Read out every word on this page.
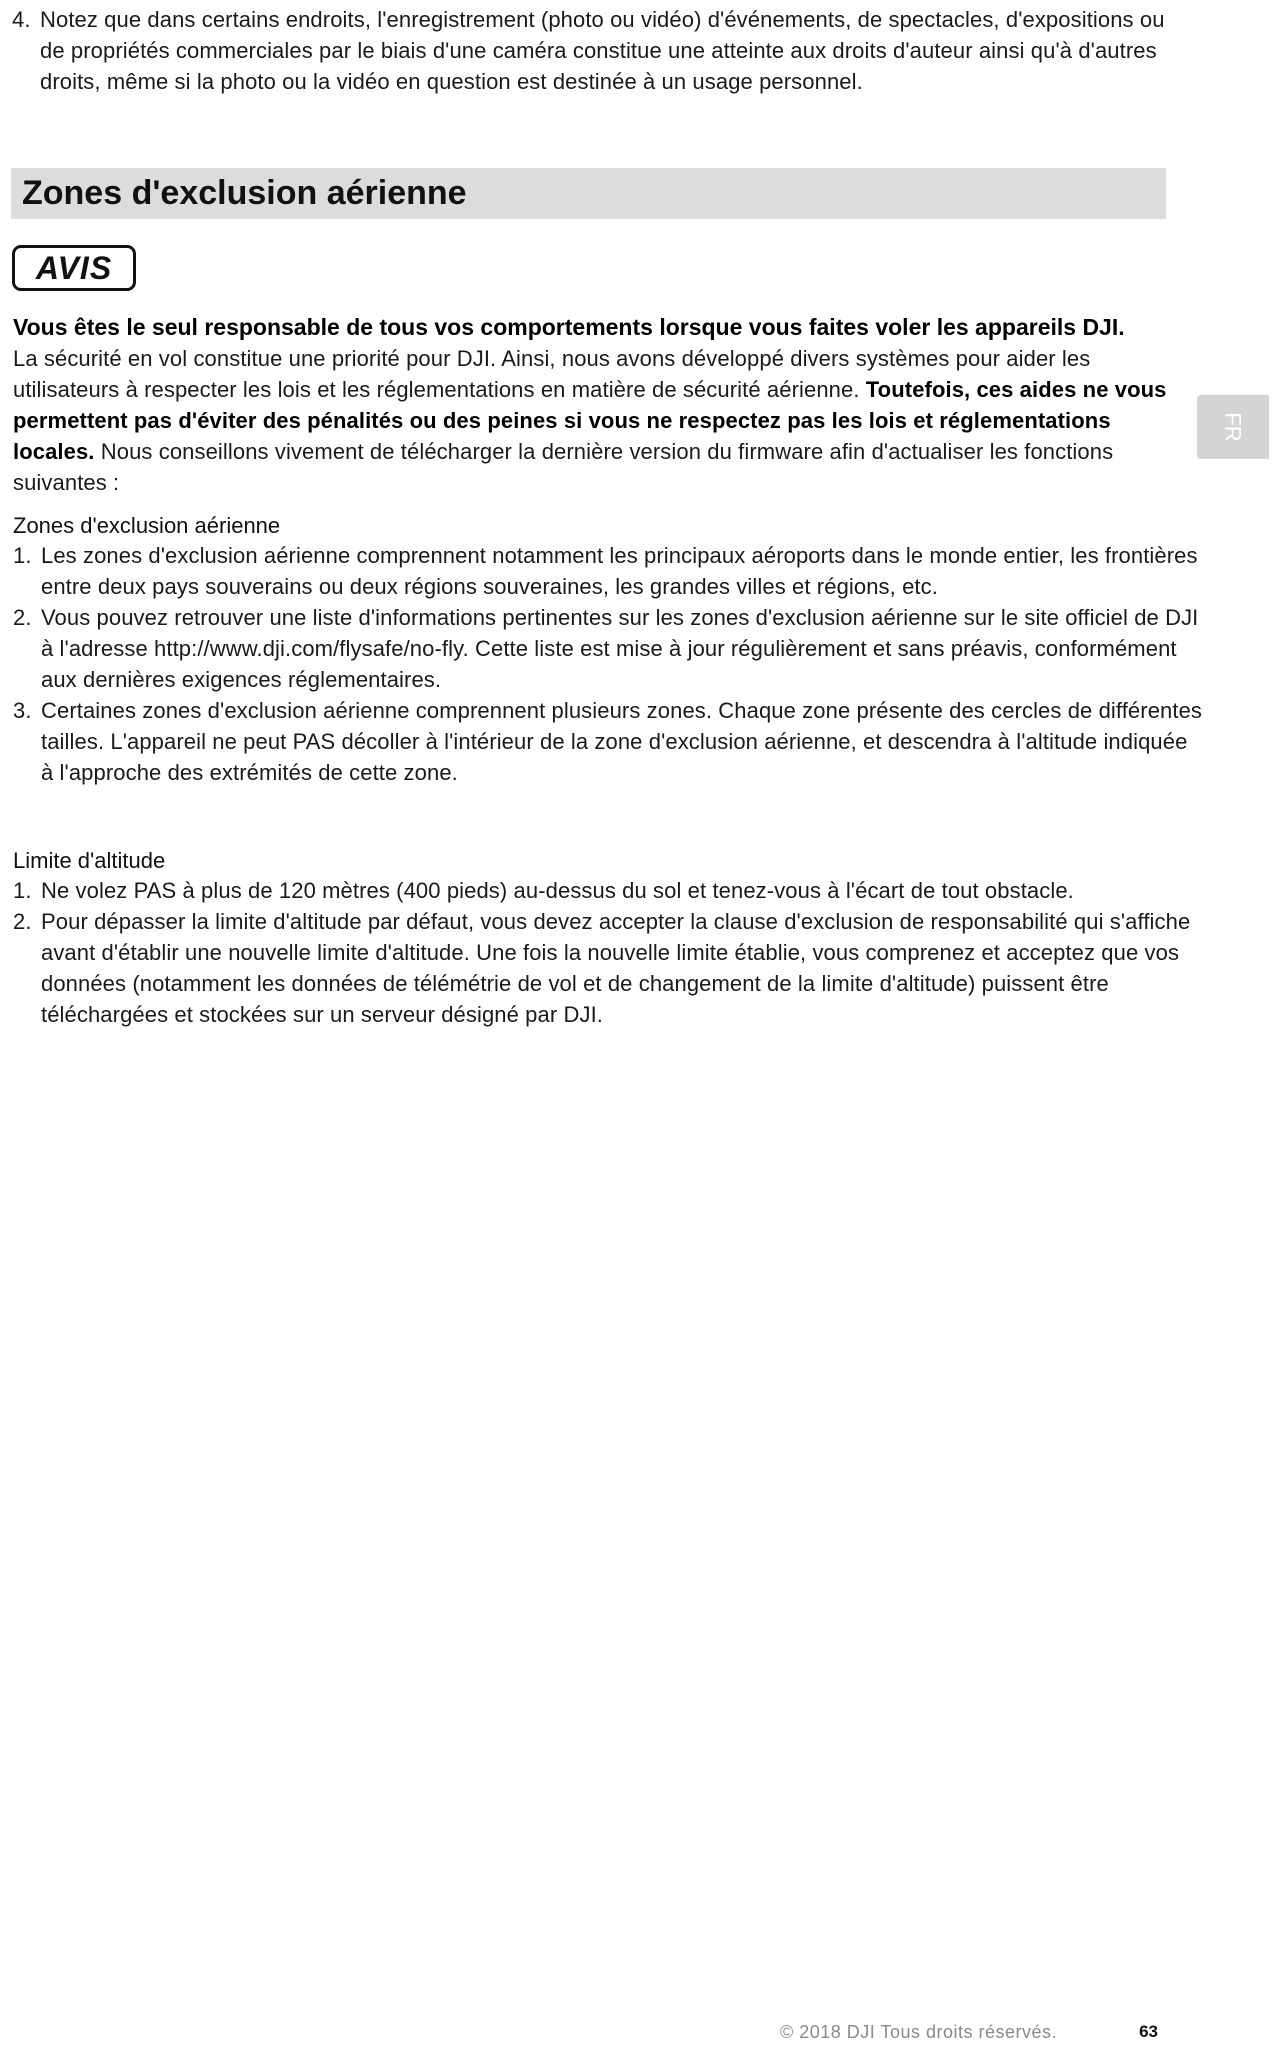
4. Notez que dans certains endroits, l'enregistrement (photo ou vidéo) d'événements, de spectacles, d'expositions ou de propriétés commerciales par le biais d'une caméra constitue une atteinte aux droits d'auteur ainsi qu'à d'autres droits, même si la photo ou la vidéo en question est destinée à un usage personnel.

Zones d'exclusion aérienne
AVIS

Vous êtes le seul responsable de tous vos comportements lorsque vous faites voler les appareils DJI.

La sécurité en vol constitue une priorité pour DJI. Ainsi, nous avons développé divers systèmes pour aider les utilisateurs à respecter les lois et les réglementations en matière de sécurité aérienne. Toutefois, ces aides ne vous permettent pas d'éviter des pénalités ou des peines si vous ne respectez pas les lois et réglementations locales. Nous conseillons vivement de télécharger la dernière version du firmware afin d'actualiser les fonctions suivantes :

FR
Zones d'exclusion aérienne
1. Les zones d'exclusion aérienne comprennent notamment les principaux aéroports dans le monde entier, les frontières entre deux pays souverains ou deux régions souveraines, les grandes villes et régions, etc.

2. Vous pouvez retrouver une liste d'informations pertinentes sur les zones d'exclusion aérienne sur le site officiel de DJI à l'adresse http://www.dji.com/flysafe/no-fly. Cette liste est mise à jour régulièrement et sans préavis, conformément aux dernières exigences réglementaires.

3. Certaines zones d'exclusion aérienne comprennent plusieurs zones. Chaque zone présente des cercles de différentes tailles. L'appareil ne peut PAS décoller à l'intérieur de la zone d'exclusion aérienne, et descendra à l'altitude indiquée à l'approche des extrémités de cette zone.

Limite d'altitude
1. Ne volez PAS à plus de 120 mètres (400 pieds) au-dessus du sol et tenez-vous à l'écart de tout obstacle.

2. Pour dépasser la limite d'altitude par défaut, vous devez accepter la clause d'exclusion de responsabilité qui s'affiche avant d'établir une nouvelle limite d'altitude. Une fois la nouvelle limite établie, vous comprenez et acceptez que vos données (notamment les données de télémétrie de vol et de changement de la limite d'altitude) puissent être téléchargées et stockées sur un serveur désigné par DJI.

© 2018 DJI Tous droits réservés.	63
